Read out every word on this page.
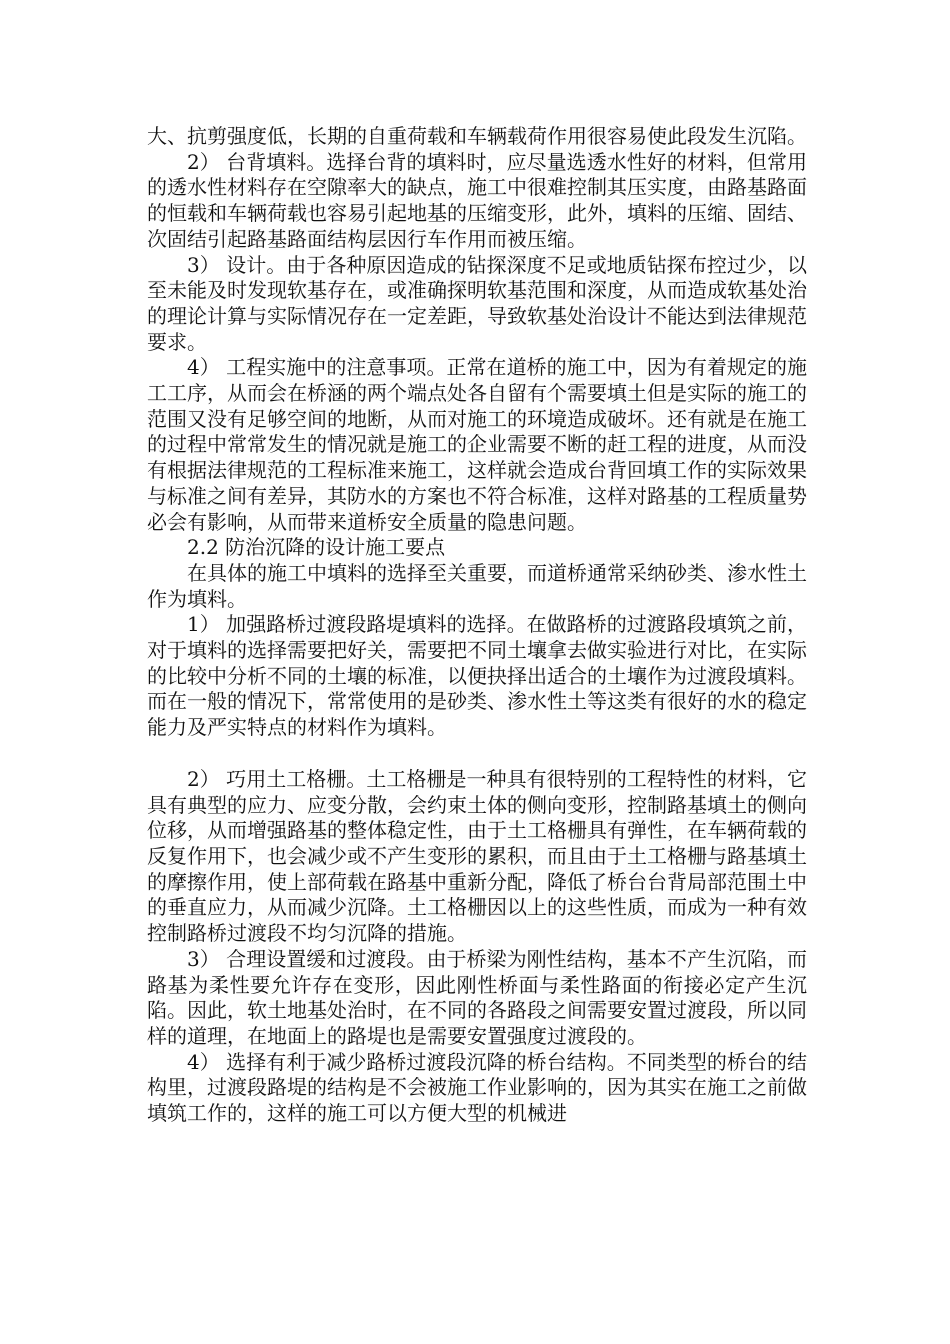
大、抗剪强度低，长期的自重荷载和车辆载荷作用很容易使此段发生沉陷。

2） 台背填料。选择台背的填料时，应尽量选透水性好的材料，但常用的透水性材料存在空隙率大的缺点，施工中很难控制其压实度，由路基路面的恒载和车辆荷载也容易引起地基的压缩变形，此外，填料的压缩、固结、次固结引起路基路面结构层因行车作用而被压缩。

3） 设计。由于各种原因造成的钻探深度不足或地质钻探布控过少，以至未能及时发现软基存在，或准确探明软基范围和深度，从而造成软基处治的理论计算与实际情况存在一定差距，导致软基处治设计不能达到法律规范要求。

4） 工程实施中的注意事项。正常在道桥的施工中，因为有着规定的施工工序，从而会在桥涵的两个端点处各自留有个需要填土但是实际的施工的范围又没有足够空间的地断，从而对施工的环境造成破坏。还有就是在施工的过程中常常发生的情况就是施工的企业需要不断的赶工程的进度，从而没有根据法律规范的工程标准来施工，这样就会造成台背回填工作的实际效果与标准之间有差异，其防水的方案也不符合标准，这样对路基的工程质量势必会有影响，从而带来道桥安全质量的隐患问题。

2.2 防治沉降的设计施工要点

在具体的施工中填料的选择至关重要，而道桥通常采纳砂类、渗水性土作为填料。

1） 加强路桥过渡段路堤填料的选择。在做路桥的过渡路段填筑之前，对于填料的选择需要把好关，需要把不同土壤拿去做实验进行对比，在实际的比较中分析不同的土壤的标准，以便抉择出适合的土壤作为过渡段填料。而在一般的情况下，常常使用的是砂类、渗水性土等这类有很好的水的稳定能力及严实特点的材料作为填料。

2） 巧用土工格栅。土工格栅是一种具有很特别的工程特性的材料，它具有典型的应力、应变分散，会约束土体的侧向变形，控制路基填土的侧向位移，从而增强路基的整体稳定性，由于土工格栅具有弹性，在车辆荷载的反复作用下，也会减少或不产生变形的累积，而且由于土工格栅与路基填土的摩擦作用，使上部荷载在路基中重新分配，降低了桥台台背局部范围土中的垂直应力，从而减少沉降。土工格栅因以上的这些性质，而成为一种有效控制路桥过渡段不均匀沉降的措施。

3） 合理设置缓和过渡段。由于桥梁为刚性结构，基本不产生沉陷，而路基为柔性要允许存在变形，因此刚性桥面与柔性路面的衔接必定产生沉陷。因此，软土地基处治时，在不同的各路段之间需要安置过渡段，所以同样的道理，在地面上的路堤也是需要安置强度过渡段的。

4） 选择有利于减少路桥过渡段沉降的桥台结构。不同类型的桥台的结构里，过渡段路堤的结构是不会被施工作业影响的，因为其实在施工之前做填筑工作的，这样的施工可以方便大型的机械进
